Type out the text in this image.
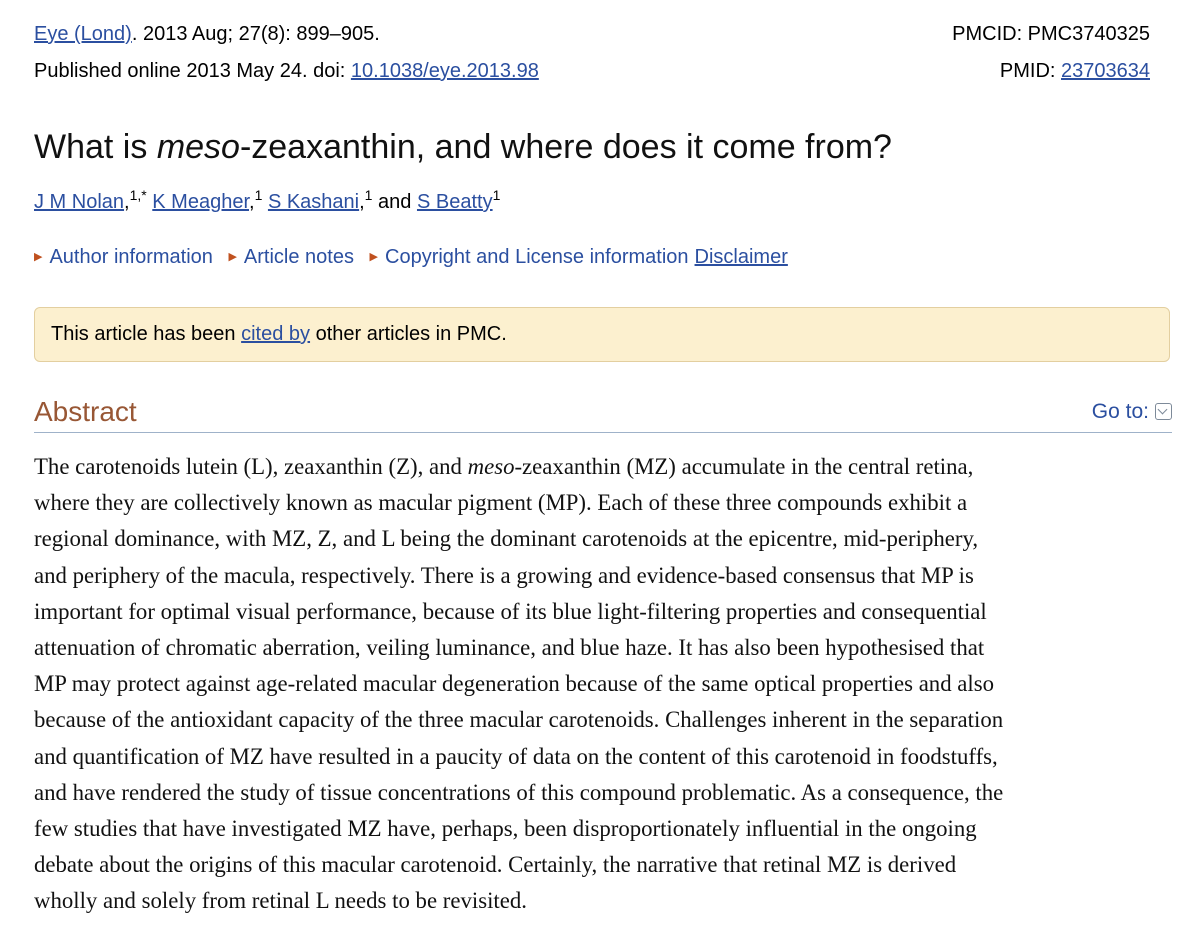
Eye (Lond). 2013 Aug; 27(8): 899–905.	PMCID: PMC3740325
Published online 2013 May 24. doi: 10.1038/eye.2013.98	PMID: 23703634
What is meso-zeaxanthin, and where does it come from?
J M Nolan,$^{1,*}$ K Meagher,$^1$ S Kashani,$^1$ and S Beatty$^1$
▶ Author information ▶ Article notes ▶ Copyright and License information Disclaimer
This article has been cited by other articles in PMC.
Abstract	Go to:

The carotenoids lutein (L), zeaxanthin (Z), and meso-zeaxanthin (MZ) accumulate in the central retina,
where they are collectively known as macular pigment (MP). Each of these three compounds exhibit a
regional dominance, with MZ, Z, and L being the dominant carotenoids at the epicentre, mid-periphery,
and periphery of the macula, respectively. There is a growing and evidence-based consensus that MP is
important for optimal visual performance, because of its blue light-filtering properties and consequential
attenuation of chromatic aberration, veiling luminance, and blue haze. It has also been hypothesised that
MP may protect against age-related macular degeneration because of the same optical properties and also
because of the antioxidant capacity of the three macular carotenoids. Challenges inherent in the separation
and quantification of MZ have resulted in a paucity of data on the content of this carotenoid in foodstuffs,
and have rendered the study of tissue concentrations of this compound problematic. As a consequence, the
few studies that have investigated MZ have, perhaps, been disproportionately influential in the ongoing
debate about the origins of this macular carotenoid. Certainly, the narrative that retinal MZ is derived
wholly and solely from retinal L needs to be revisited.
